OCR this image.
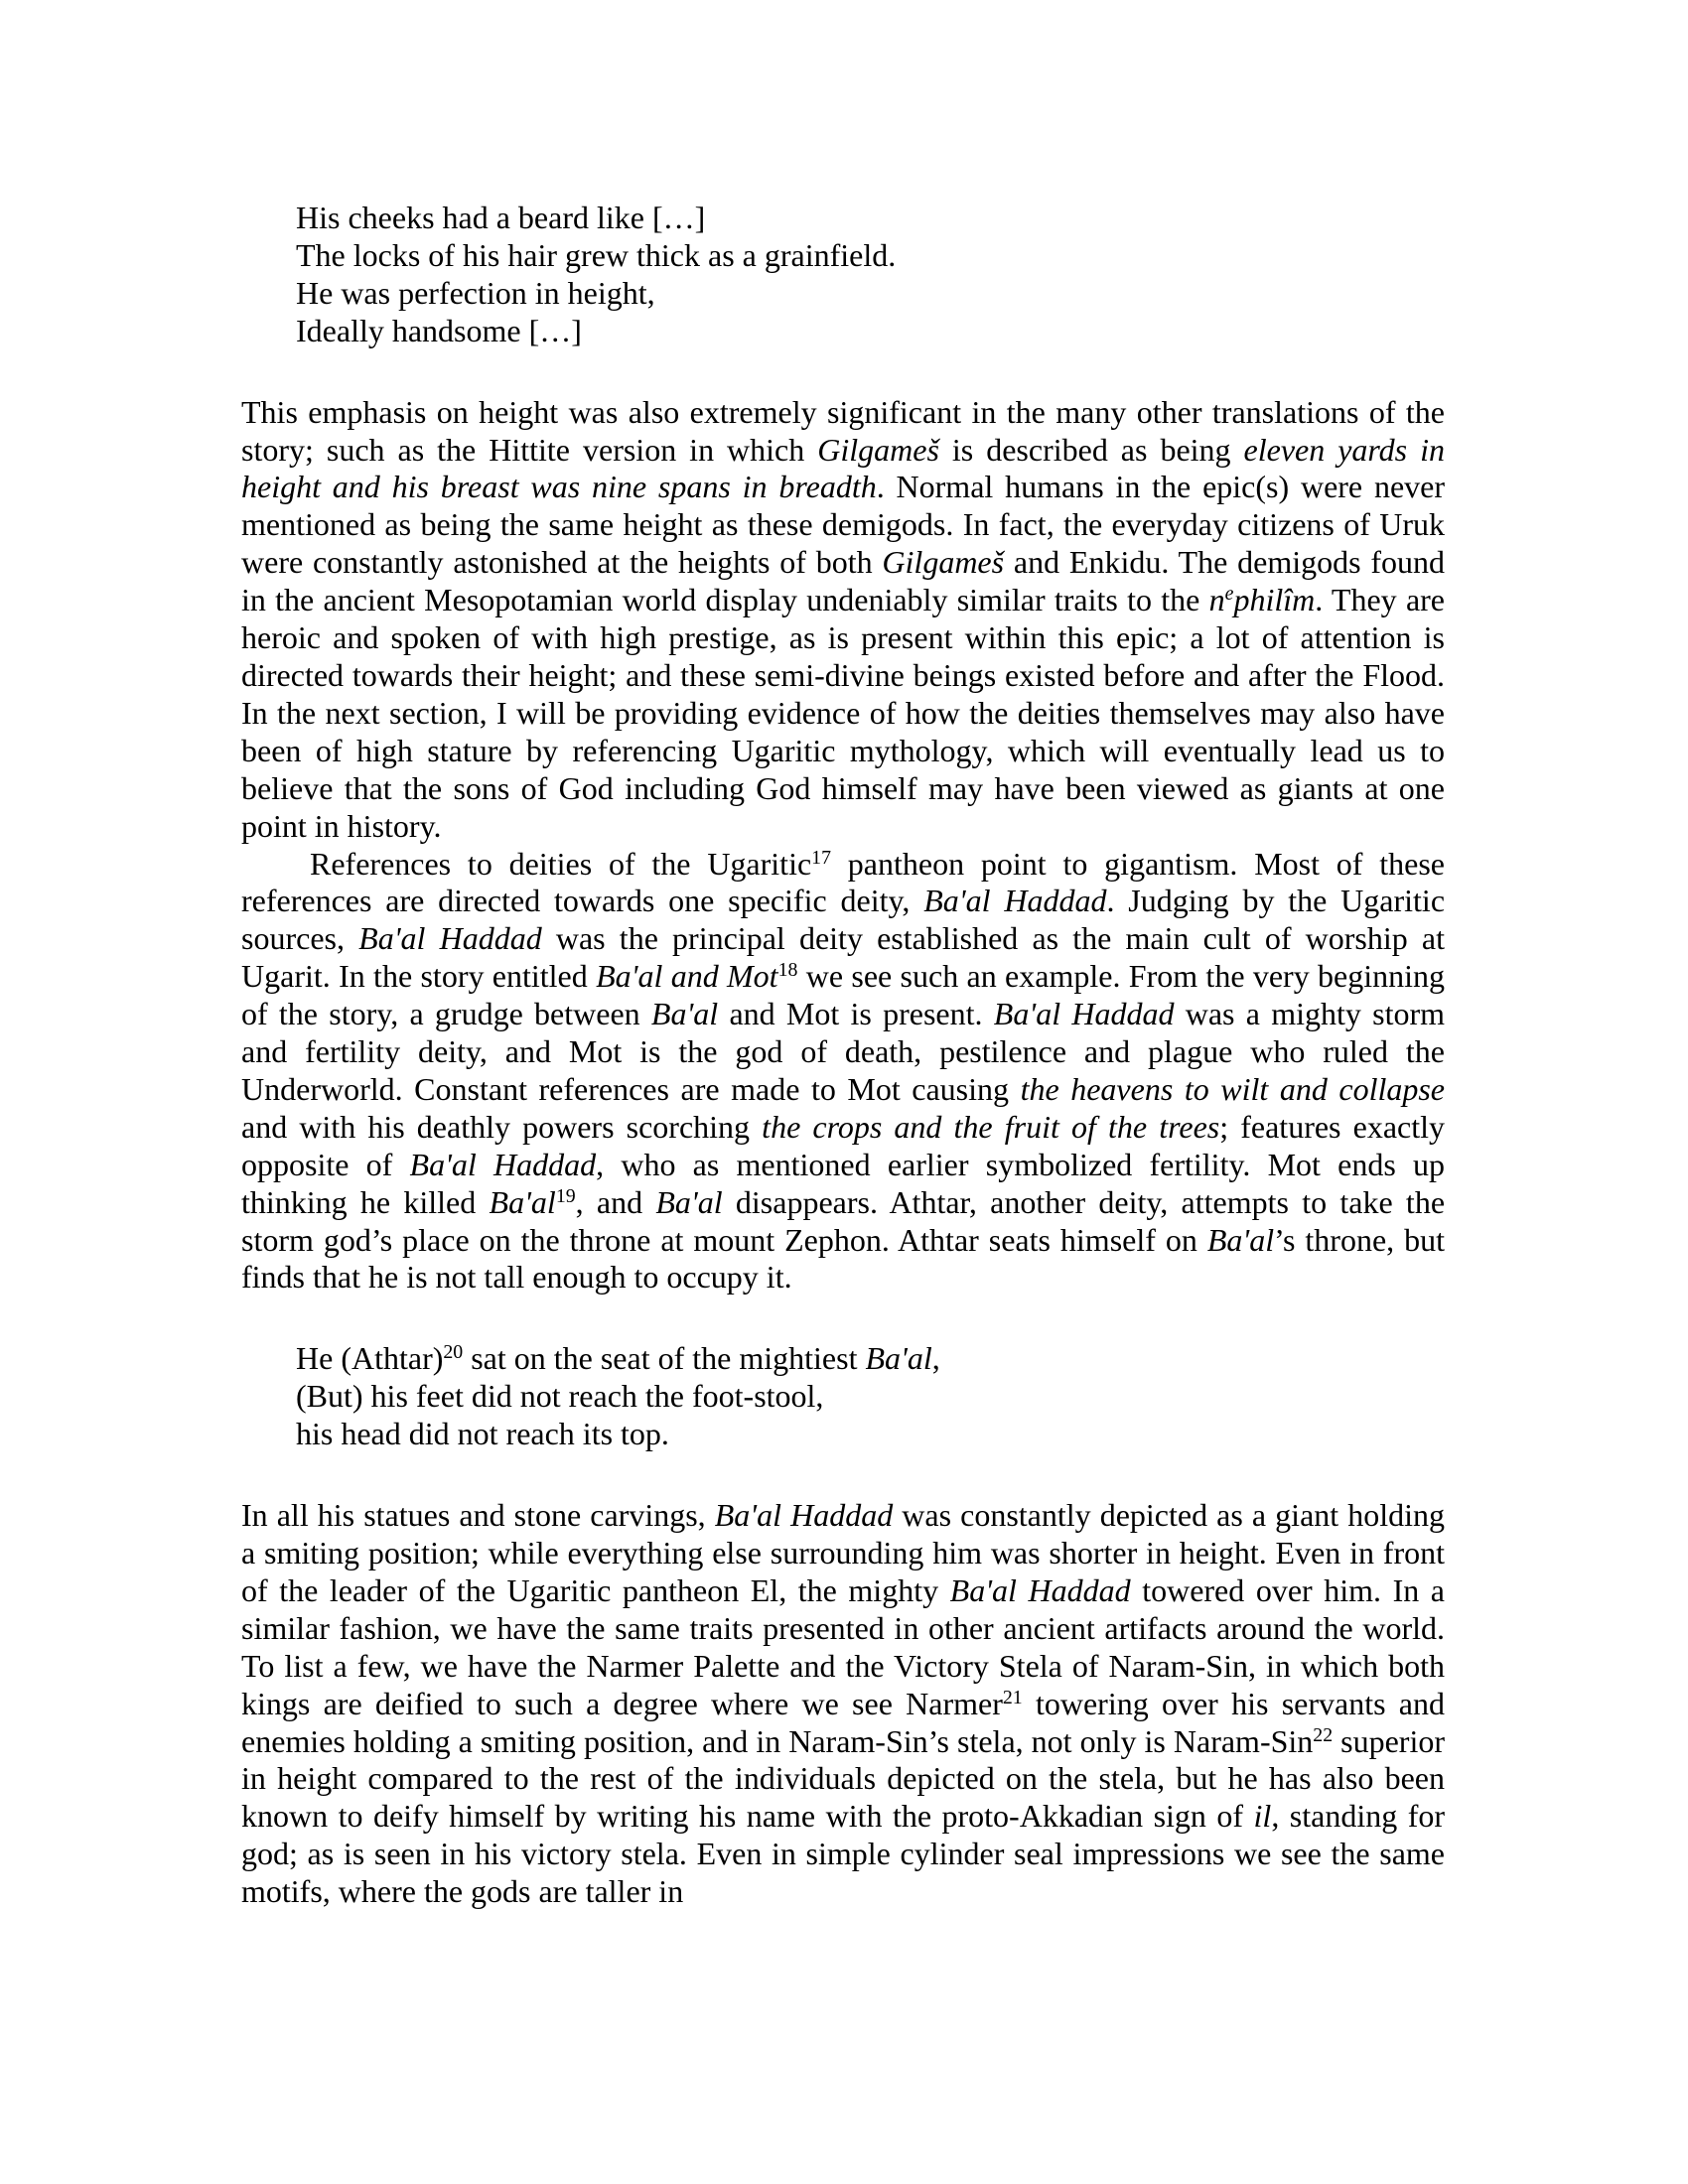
His cheeks had a beard like […]
The locks of his hair grew thick as a grainfield.
He was perfection in height,
Ideally handsome […]

This emphasis on height was also extremely significant in the many other translations of the story; such as the Hittite version in which Gilgameš is described as being eleven yards in height and his breast was nine spans in breadth. Normal humans in the epic(s) were never mentioned as being the same height as these demigods. In fact, the everyday citizens of Uruk were constantly astonished at the heights of both Gilgameš and Enkidu. The demigods found in the ancient Mesopotamian world display undeniably similar traits to the $n^ephilîm$. They are heroic and spoken of with high prestige, as is present within this epic; a lot of attention is directed towards their height; and these semi-divine beings existed before and after the Flood. In the next section, I will be providing evidence of how the deities themselves may also have been of high stature by referencing Ugaritic mythology, which will eventually lead us to believe that the sons of God including God himself may have been viewed as giants at one point in history.

References to deities of the Ugaritic$^{17}$ pantheon point to gigantism. Most of these references are directed towards one specific deity, Ba'al Haddad. Judging by the Ugaritic sources, Ba'al Haddad was the principal deity established as the main cult of worship at Ugarit. In the story entitled Ba'al and Mot$^{18}$ we see such an example. From the very beginning of the story, a grudge between Ba'al and Mot is present. Ba'al Haddad was a mighty storm and fertility deity, and Mot is the god of death, pestilence and plague who ruled the Underworld. Constant references are made to Mot causing the heavens to wilt and collapse and with his deathly powers scorching the crops and the fruit of the trees; features exactly opposite of Ba'al Haddad, who as mentioned earlier symbolized fertility. Mot ends up thinking he killed $Ba'al^{19}$, and Ba'al disappears. Athtar, another deity, attempts to take the storm god’s place on the throne at mount Zephon. Athtar seats himself on Ba'al’s throne, but finds that he is not tall enough to occupy it.

He (Athtar)$^{20}$ sat on the seat of the mightiest Ba'al,
(But) his feet did not reach the foot-stool,
his head did not reach its top.

In all his statues and stone carvings, Ba'al Haddad was constantly depicted as a giant holding a smiting position; while everything else surrounding him was shorter in height. Even in front of the leader of the Ugaritic pantheon El, the mighty Ba'al Haddad towered over him. In a similar fashion, we have the same traits presented in other ancient artifacts around the world. To list a few, we have the Narmer Palette and the Victory Stela of Naram-Sin, in which both kings are deified to such a degree where we see Narmer$^{21}$ towering over his servants and enemies holding a smiting position, and in Naram-Sin’s stela, not only is Naram-Sin$^{22}$ superior in height compared to the rest of the individuals depicted on the stela, but he has also been known to deify himself by writing his name with the proto-Akkadian sign of il, standing for god; as is seen in his victory stela. Even in simple cylinder seal impressions we see the same motifs, where the gods are taller in
